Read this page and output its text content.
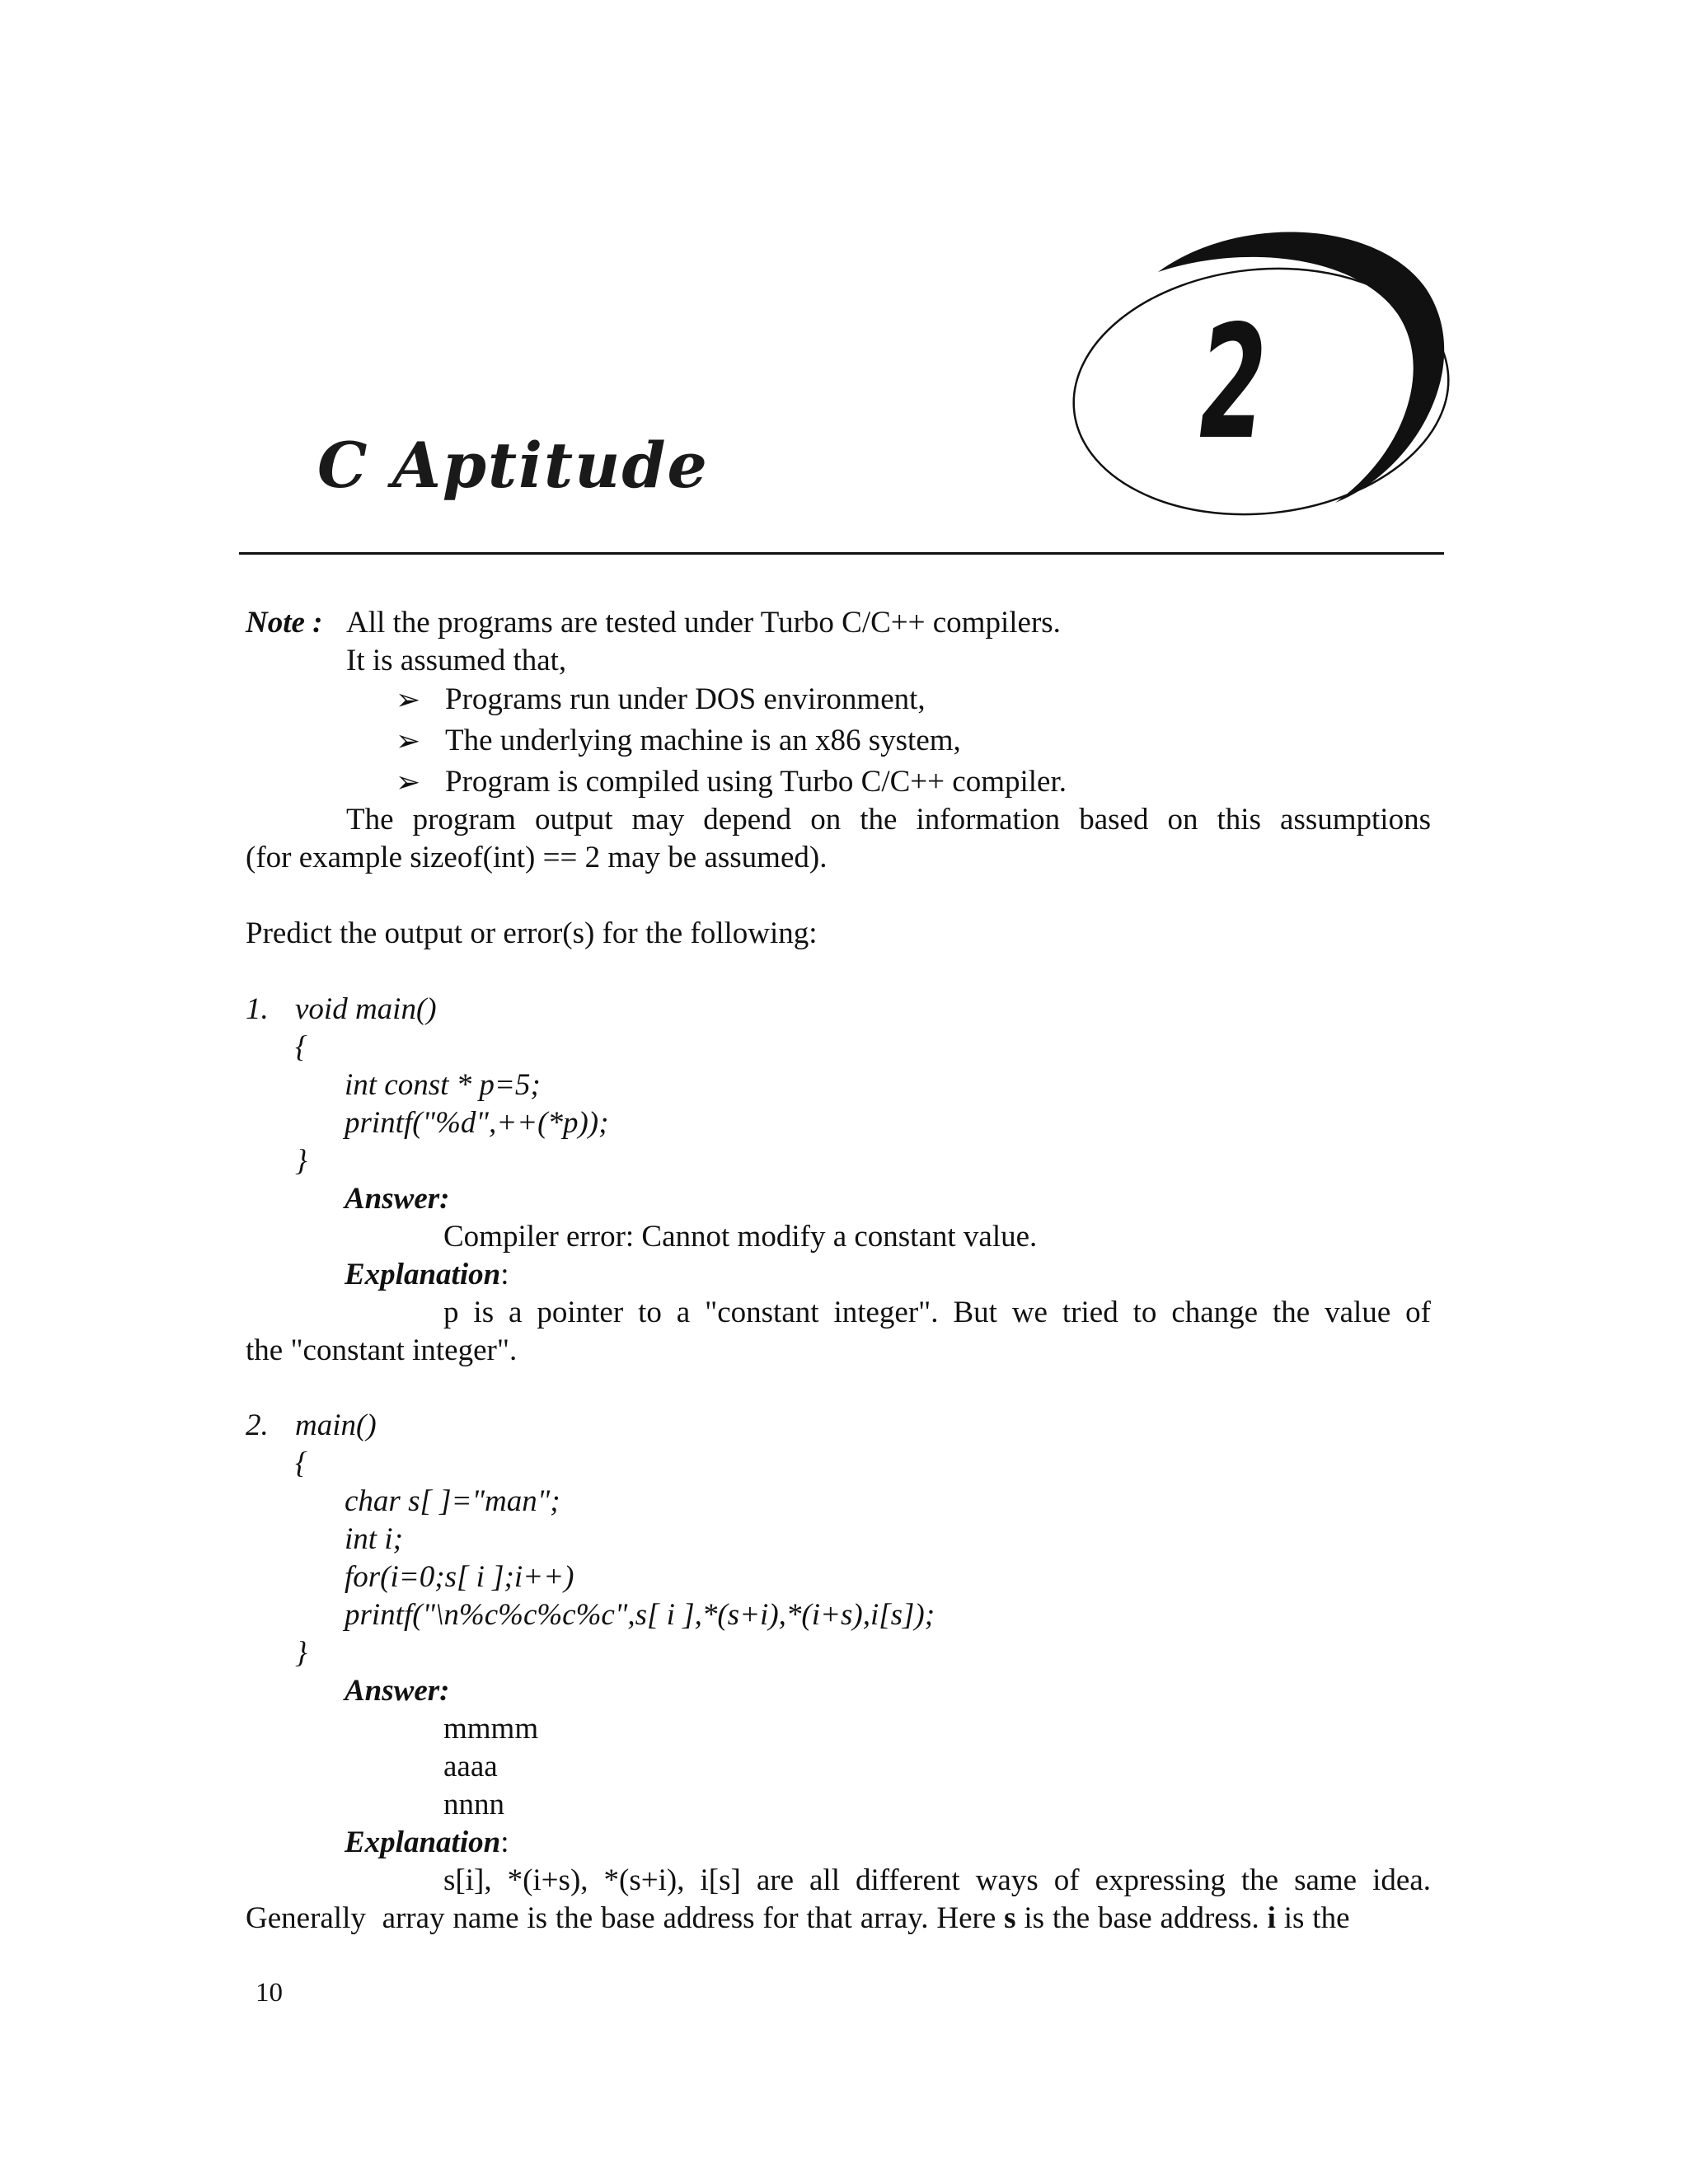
C Aptitude	2
Note : All the programs are tested under Turbo C/C++ compilers.
It is assumed that,
➢ Programs run under DOS environment,
➢ The underlying machine is an x86 system,
➢ Program is compiled using Turbo C/C++ compiler.
The program output may depend on the information based on this assumptions
(for example sizeof(int) == 2 may be assumed).
Predict the output or error(s) for the following:
1. void main()
{
int const * p=5;
printf("%d",++(*p));
}
Answer:
Compiler error: Cannot modify a constant value.
Explanation:
p is a pointer to a "constant integer". But we tried to change the value of
the "constant integer".
2. main()
{
char s[ ]="man";
int i;
for(i=0;s[ i ];i++)
printf("\n%c%c%c%c",s[ i ],*(s+i),*(i+s),i[s]);
}
Answer:
mmmm
aaaa
nnnn
Explanation:
s[i], *(i+s), *(s+i), i[s] are all different ways of expressing the same idea.
Generally  array name is the base address for that array. Here s is the base address. i is the
10
